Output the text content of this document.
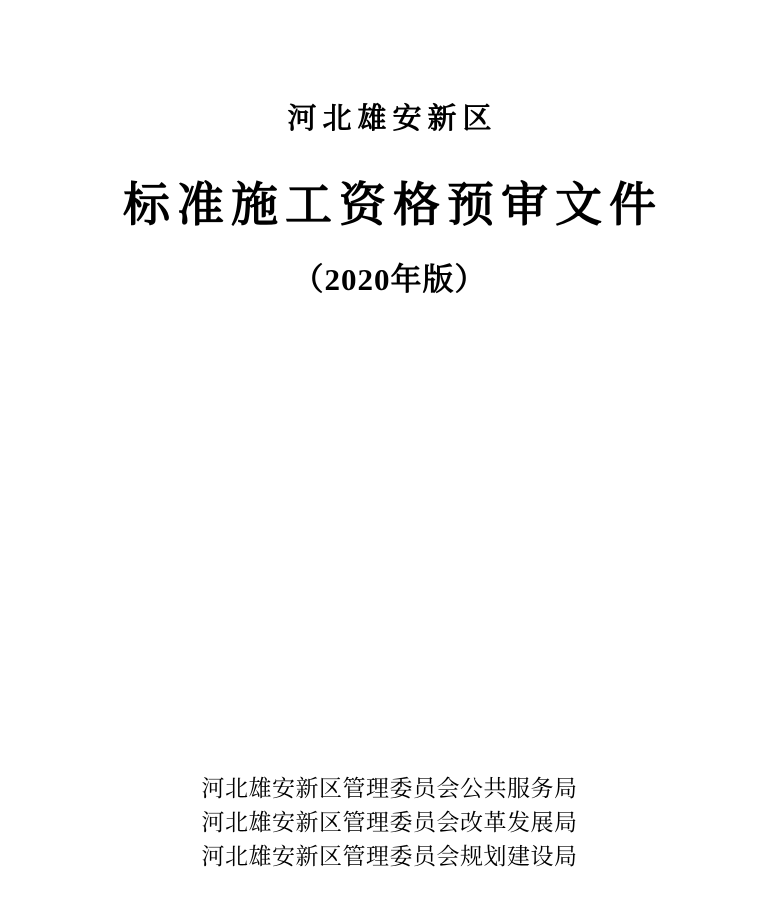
河北雄安新区
标准施工资格预审文件
（2020年版）
河北雄安新区管理委员会公共服务局
河北雄安新区管理委员会改革发展局
河北雄安新区管理委员会规划建设局
